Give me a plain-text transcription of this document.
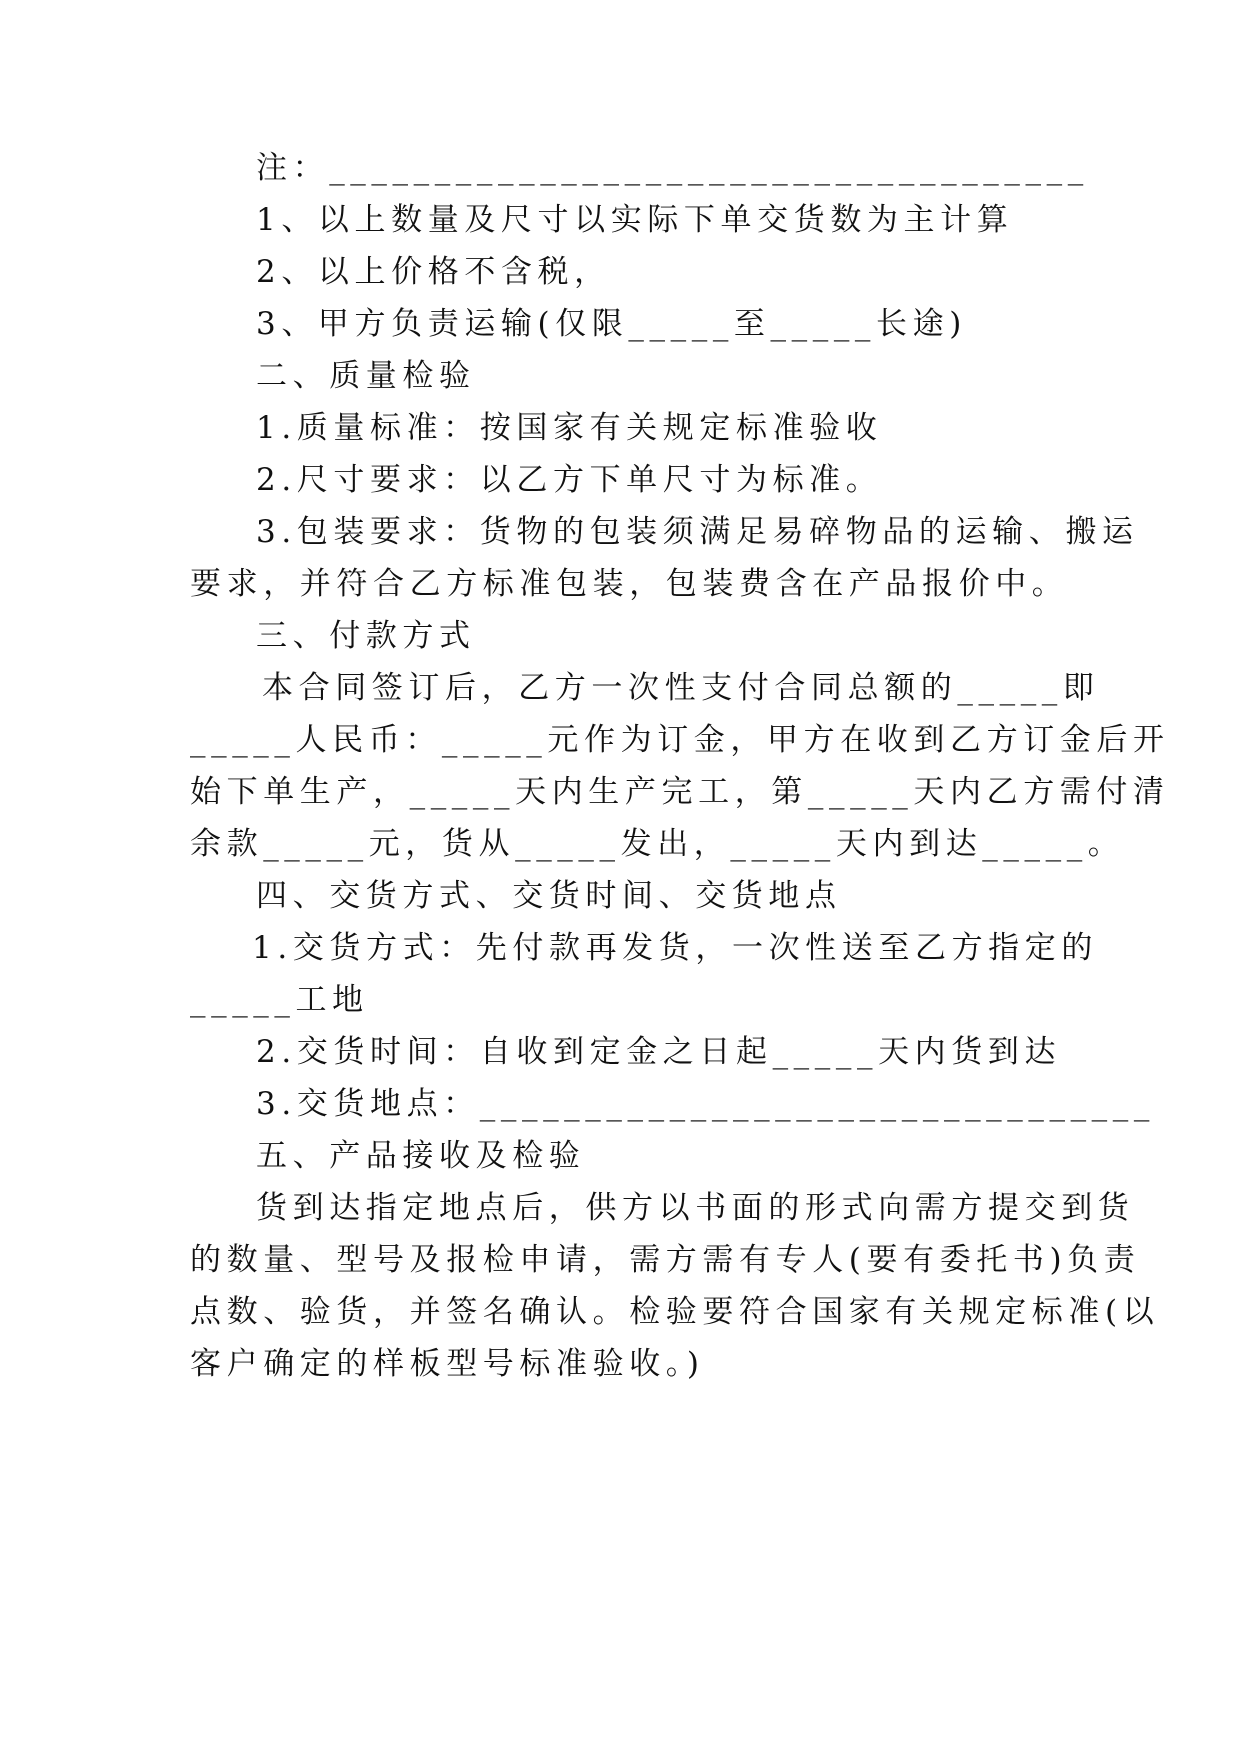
注：____________________________________
1、以上数量及尺寸以实际下单交货数为主计算
2、以上价格不含税，
3、甲方负责运输(仅限_____至_____长途)
二、质量检验
1.质量标准：按国家有关规定标准验收
2.尺寸要求：以乙方下单尺寸为标准。
3.包装要求：货物的包装须满足易碎物品的运输、搬运
要求，并符合乙方标准包装，包装费含在产品报价中。
三、付款方式
本合同签订后，乙方一次性支付合同总额的_____即
_____人民币：_____元作为订金，甲方在收到乙方订金后开
始下单生产，_____天内生产完工，第_____天内乙方需付清
余款_____元，货从_____发出，_____天内到达_____。
四、交货方式、交货时间、交货地点
1.交货方式：先付款再发货，一次性送至乙方指定的
_____工地
2.交货时间：自收到定金之日起_____天内货到达
3.交货地点：________________________________
五、产品接收及检验
货到达指定地点后，供方以书面的形式向需方提交到货
的数量、型号及报检申请，需方需有专人(要有委托书)负责
点数、验货，并签名确认。检验要符合国家有关规定标准(以
客户确定的样板型号标准验收。)
